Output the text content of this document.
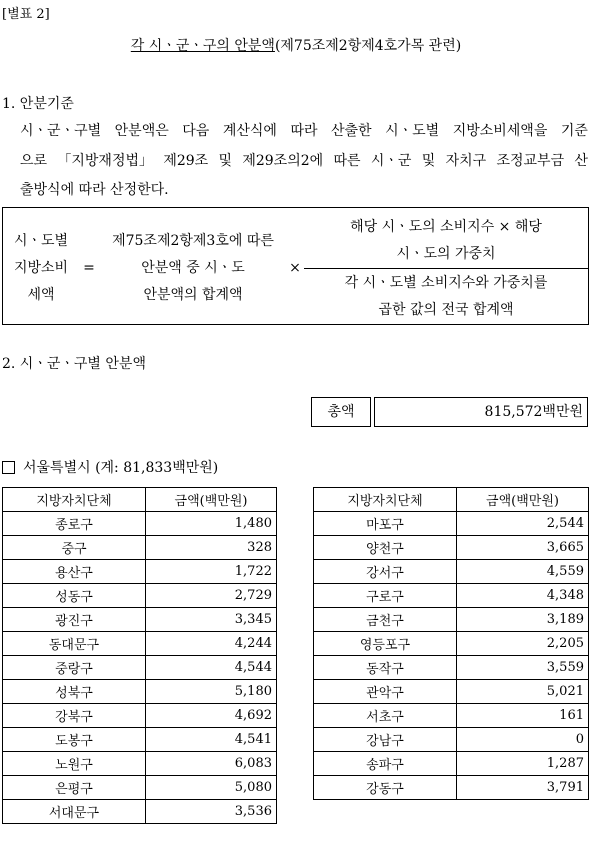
[별표 2]
각 시ㆍ군ㆍ구의 안분액(제75조제2항제4호가목 관련)
1. 안분기준
시ㆍ군ㆍ구별 안분액은 다음 계산식에 따라 산출한 시ㆍ도별 지방소비세액을 기준
으로 「지방재정법」 제29조 및 제29조의2에 따른 시ㆍ군 및 자치구 조정교부금 산
출방식에 따라 산정한다.
시ㆍ도별
지방소비
세액
=
제75조제2항제3호에 따른
안분액 중 시ㆍ도
안분액의 합계액
×
해당 시ㆍ도의 소비지수 × 해당
시ㆍ도의 가중치
각 시ㆍ도별 소비지수와 가중치를
곱한 값의 전국 합계액
2. 시ㆍ군ㆍ구별 안분액
총액	815,572백만원
서울특별시 (계: 81,833백만원)
지방자치단체	금액(백만원)
종로구	1,480
중구	328
용산구	1,722
성동구	2,729
광진구	3,345
동대문구	4,244
중랑구	4,544
성북구	5,180
강북구	4,692
도봉구	4,541
노원구	6,083
은평구	5,080
서대문구	3,536
지방자치단체	금액(백만원)
마포구	2,544
양천구	3,665
강서구	4,559
구로구	4,348
금천구	3,189
영등포구	2,205
동작구	3,559
관악구	5,021
서초구	161
강남구	0
송파구	1,287
강동구	3,791
